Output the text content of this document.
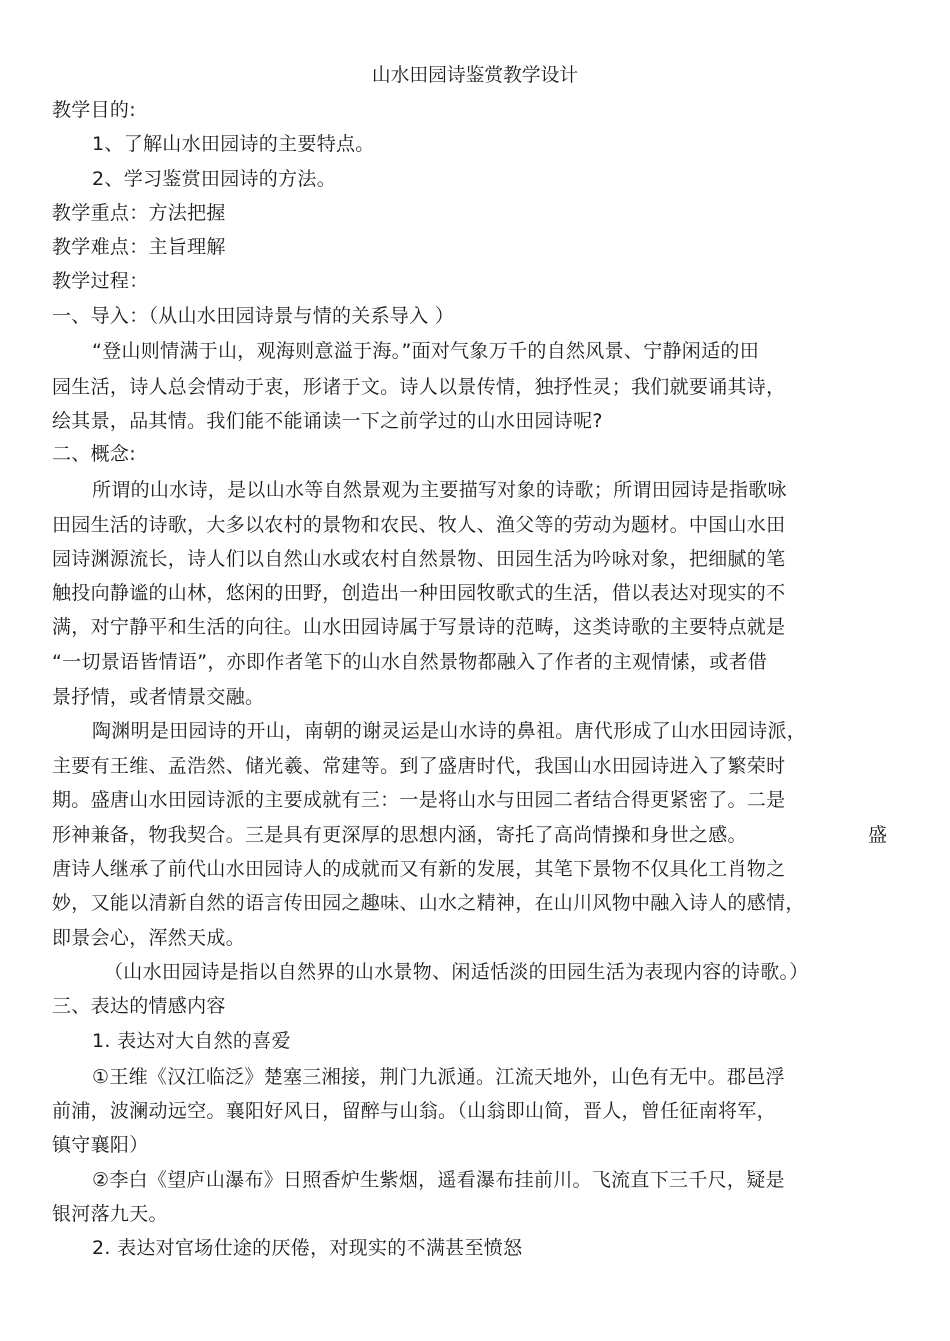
山水田园诗鉴赏教学设计
教学目的:
1、了解山水田园诗的主要特点。
2、学习鉴赏田园诗的方法。
教学重点：方法把握
教学难点：主旨理解
教学过程：
一、导入：（从山水田园诗景与情的关系导入 ）
“登山则情满于山，观海则意溢于海。”面对气象万千的自然风景、宁静闲适的田
园生活，诗人总会情动于衷，形诸于文。诗人以景传情，独抒性灵；我们就要诵其诗，
绘其景，品其情。我们能不能诵读一下之前学过的山水田园诗呢?
二、概念:
所谓的山水诗，是以山水等自然景观为主要描写对象的诗歌；所谓田园诗是指歌咏
田园生活的诗歌，大多以农村的景物和农民、牧人、渔父等的劳动为题材。中国山水田
园诗渊源流长，诗人们以自然山水或农村自然景物、田园生活为吟咏对象，把细腻的笔
触投向静谧的山林，悠闲的田野，创造出一种田园牧歌式的生活，借以表达对现实的不
满，对宁静平和生活的向往。山水田园诗属于写景诗的范畴，这类诗歌的主要特点就是
“一切景语皆情语”，亦即作者笔下的山水自然景物都融入了作者的主观情愫，或者借
景抒情，或者情景交融。
陶渊明是田园诗的开山，南朝的谢灵运是山水诗的鼻祖。唐代形成了山水田园诗派，
主要有王维、孟浩然、储光羲、常建等。到了盛唐时代，我国山水田园诗进入了繁荣时
期。盛唐山水田园诗派的主要成就有三：一是将山水与田园二者结合得更紧密了。二是
形神兼备，物我契合。三是具有更深厚的思想内涵，寄托了高尚情操和身世之感。	盛
唐诗人继承了前代山水田园诗人的成就而又有新的发展，其笔下景物不仅具化工肖物之
妙，又能以清新自然的语言传田园之趣味、山水之精神，在山川风物中融入诗人的感情，
即景会心，浑然天成。
（山水田园诗是指以自然界的山水景物、闲适恬淡的田园生活为表现内容的诗歌。）
三、表达的情感内容
1. 表达对大自然的喜爱
①王维《汉江临泛》楚塞三湘接，荆门九派通。江流天地外，山色有无中。郡邑浮
前浦，波澜动远空。襄阳好风日，留醉与山翁。（山翁即山简，晋人，曾任征南将军，
镇守襄阳）
②李白《望庐山瀑布》日照香炉生紫烟，遥看瀑布挂前川。飞流直下三千尺，疑是
银河落九天。
2. 表达对官场仕途的厌倦，对现实的不满甚至愤怒
